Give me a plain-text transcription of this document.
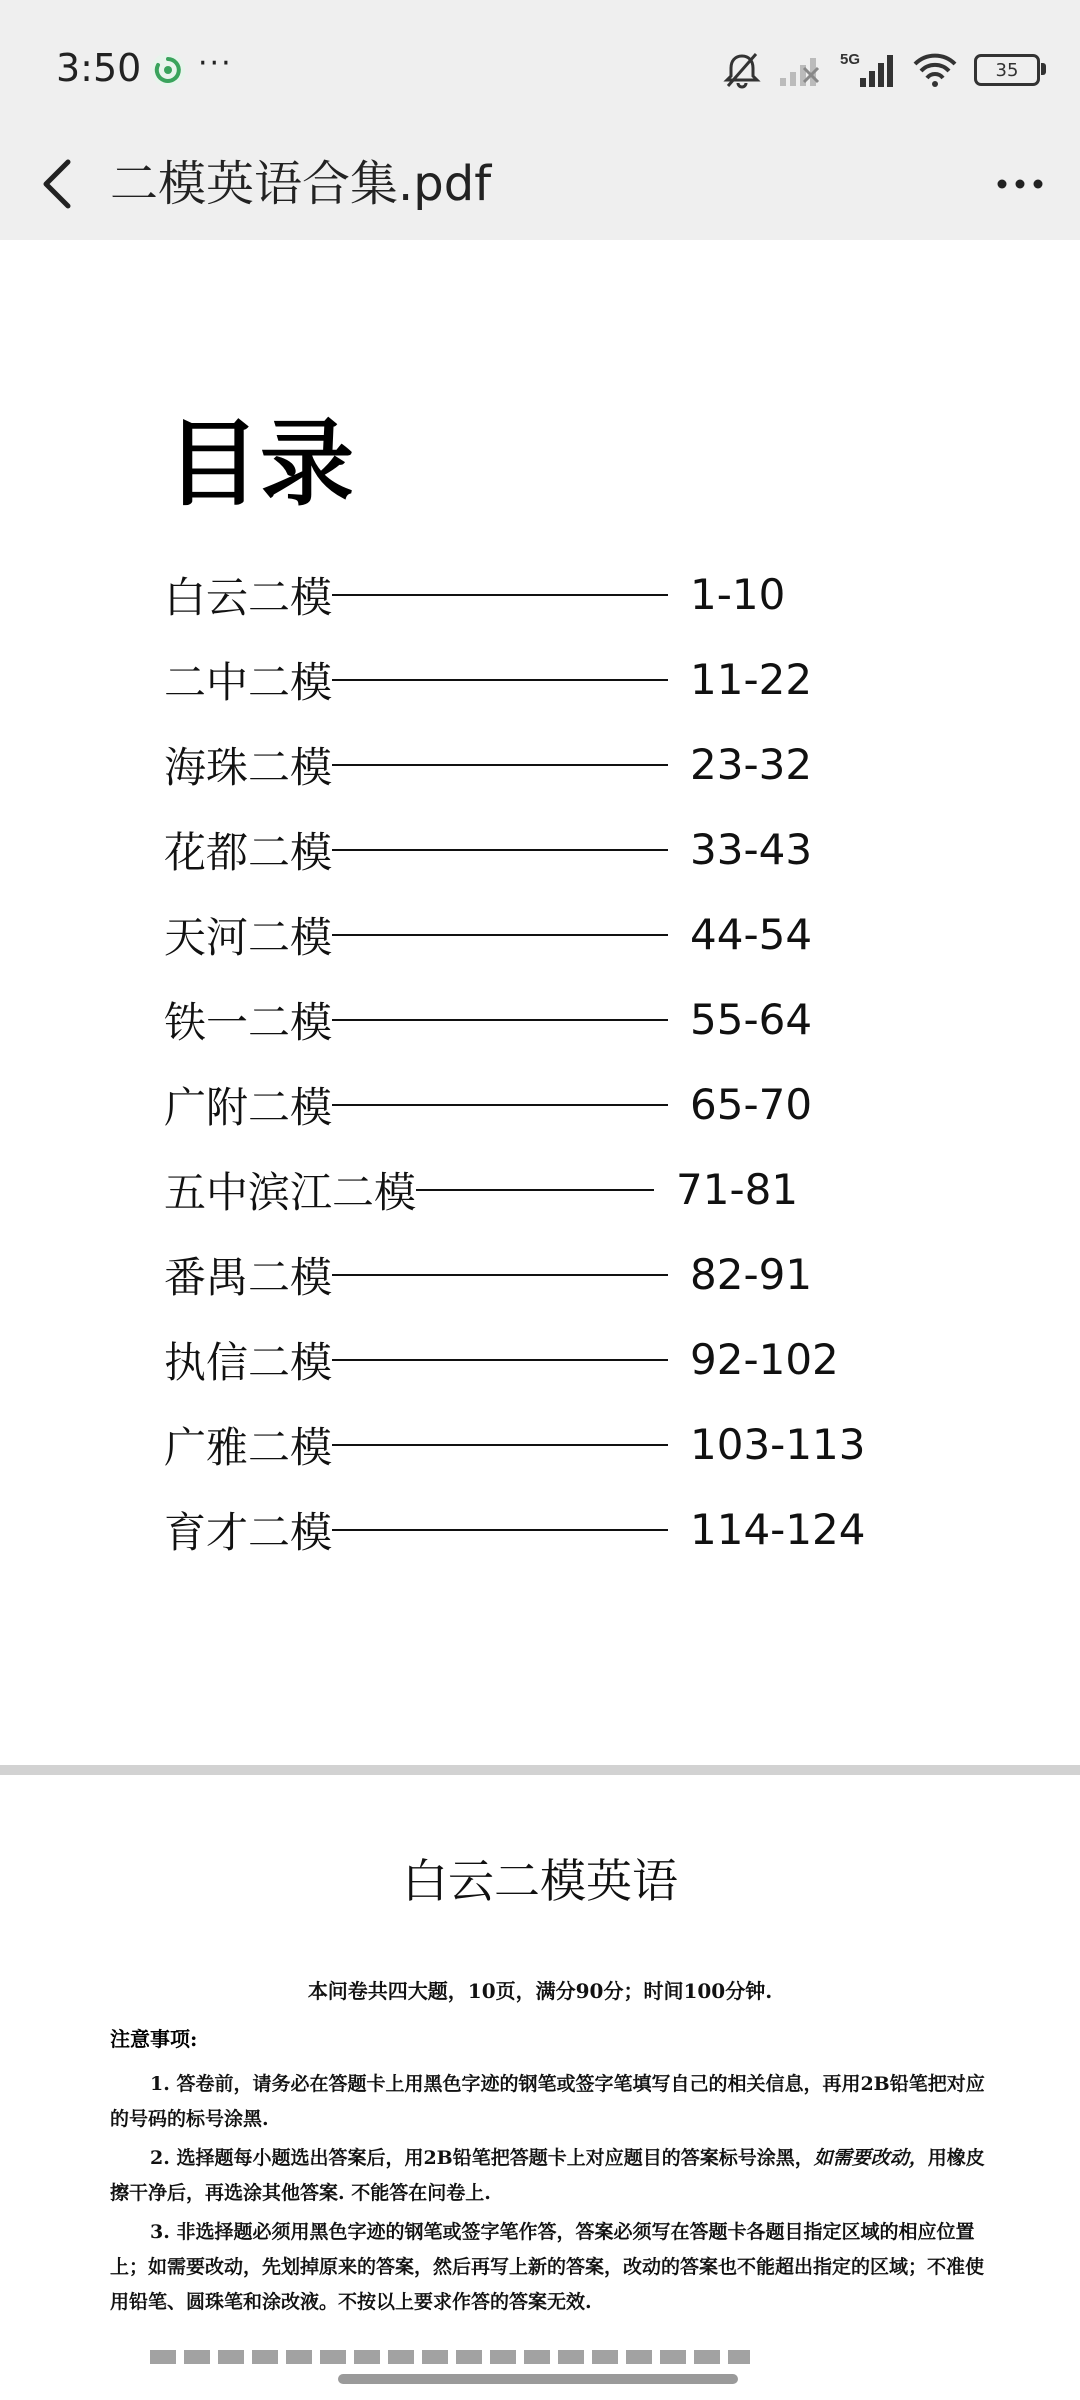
3:50 ···	5G	35
二模英语合集.pdf
目录
白云二模	1-10
二中二模	11-22
海珠二模	23-32
花都二模	33-43
天河二模	44-54
铁一二模	55-64
广附二模	65-70
五中滨江二模	71-81
番禺二模	82-91
执信二模	92-102
广雅二模	103-113
育才二模	114-124
白云二模英语
本问卷共四大题，10页，满分90分；时间100分钟.
注意事项:
1. 答卷前，请务必在答题卡上用黑色字迹的钢笔或签字笔填写自己的相关信息，再用2B铅笔把对应的号码的标号涂黑.
2. 选择题每小题选出答案后，用2B铅笔把答题卡上对应题目的答案标号涂黑，如需要改动，用橡皮擦干净后，再选涂其他答案. 不能答在问卷上.
3. 非选择题必须用黑色字迹的钢笔或签字笔作答，答案必须写在答题卡各题目指定区域的相应位置上；如需要改动，先划掉原来的答案，然后再写上新的答案，改动的答案也不能超出指定的区域；不准使用铅笔、圆珠笔和涂改液。不按以上要求作答的答案无效.
